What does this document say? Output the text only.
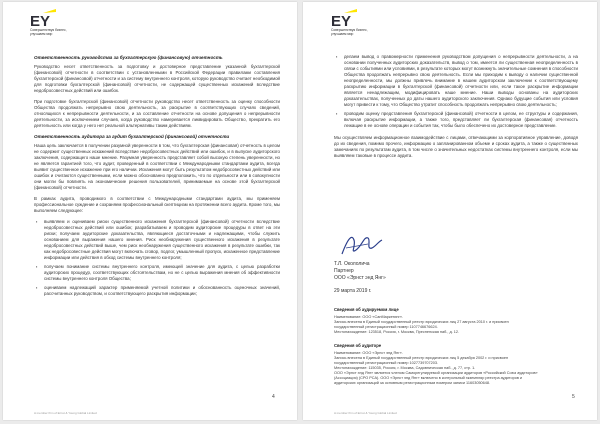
EY
Совершенствуя бизнес, улучшаем мир
Ответственность руководства за бухгалтерскую (финансовую) отчетность
Руководство несет ответственность за подготовку и достоверное представление указанной бухгалтерской (финансовой) отчетности в соответствии с установленными в Российской Федерации правилами составления бухгалтерской (финансовой) отчетности и за систему внутреннего контроля, которую руководство считает необходимой для подготовки бухгалтерской (финансовой) отчетности, не содержащей существенных искажений вследствие недобросовестных действий или ошибок.
При подготовке бухгалтерской (финансовой) отчетности руководство несет ответственность за оценку способности Общества продолжать непрерывно свою деятельность, за раскрытие в соответствующих случаях сведений, относящихся к непрерывности деятельности, и за составление отчетности на основе допущения о непрерывности деятельности, за исключением случаев, когда руководство намеревается ликвидировать Общество, прекратить его деятельность или когда у него нет реальной альтернативы таким действиям.
Ответственность аудитора за аудит бухгалтерской (финансовой) отчетности
Наша цель заключается в получении разумной уверенности в том, что бухгалтерская (финансовая) отчетность в целом не содержит существенных искажений вследствие недобросовестных действий или ошибок, и в выпуске аудиторского заключения, содержащего наше мнение. Разумная уверенность представляет собой высокую степень уверенности, но не является гарантией того, что аудит, проведенный в соответствии с Международными стандартами аудита, всегда выявит существенное искажение при его наличии. Искажения могут быть результатом недобросовестных действий или ошибок и считаются существенными, если можно обоснованно предположить, что по отдельности или в совокупности они могли бы повлиять на экономические решения пользователей, принимаемые на основе этой бухгалтерской (финансовой) отчетности.
В рамках аудита, проводимого в соответствии с Международными стандартами аудита, мы применяем профессиональное суждение и сохраняем профессиональный скептицизм на протяжении всего аудита. Кроме того, мы выполняем следующее:
▪ выявляем и оцениваем риски существенного искажения бухгалтерской (финансовой) отчетности вследствие недобросовестных действий или ошибок; разрабатываем и проводим аудиторские процедуры в ответ на эти риски; получаем аудиторские доказательства, являющиеся достаточными и надлежащими, чтобы служить основанием для выражения нашего мнения. Риск необнаружения существенного искажения в результате недобросовестных действий выше, чем риск необнаружения существенного искажения в результате ошибки, так как недобросовестные действия могут включать сговор, подлог, умышленный пропуск, искаженное представление информации или действия в обход системы внутреннего контроля;
▪ получаем понимание системы внутреннего контроля, имеющей значение для аудита, с целью разработки аудиторских процедур, соответствующих обстоятельствам, но не с целью выражения мнения об эффективности системы внутреннего контроля Общества;
▪ оцениваем надлежащий характер применяемой учетной политики и обоснованность оценочных значений, рассчитанных руководством, и соответствующего раскрытия информации;
4
A member firm of Ernst & Young Global Limited
EY
Совершенствуя бизнес, улучшаем мир
▪ делаем вывод о правомерности применения руководством допущения о непрерывности деятельности, а на основании полученных аудиторских доказательств, вывод о том, имеется ли существенная неопределенность в связи с событиями или условиями, в результате которых могут возникнуть значительные сомнения в способности Общества продолжать непрерывно свою деятельность. Если мы приходим к выводу о наличии существенной неопределенности, мы должны привлечь внимание в нашем аудиторском заключении к соответствующему раскрытию информации в бухгалтерской (финансовой) отчетности или, если такое раскрытие информации является ненадлежащим, модифицировать наше мнение. Наши выводы основаны на аудиторских доказательствах, полученных до даты нашего аудиторского заключения. Однако будущие события или условия могут привести к тому, что Общество утратит способность продолжать непрерывно свою деятельность;
▪ проводим оценку представления бухгалтерской (финансовой) отчетности в целом, ее структуры и содержания, включая раскрытие информации, а также того, представляет ли бухгалтерская (финансовая) отчетность лежащие в ее основе операции и события так, чтобы было обеспечено их достоверное представление.
Мы осуществляем информационное взаимодействие с лицами, отвечающими за корпоративное управление, доводя до их сведения, помимо прочего, информацию о запланированном объеме и сроках аудита, а также о существенных замечаниях по результатам аудита, в том числе о значительных недостатках системы внутреннего контроля, если мы выявляем таковые в процессе аудита.
Т.Л. Окололича
Партнер
ООО «Эрнст энд Янг»
29 марта 2019 г.
Сведения об аудируемом лице
Наименование: ООО «СанМаркетинг».
Запись внесена в Единый государственный реестр юридических лиц 27 августа 2010 г. и присвоен
государственный регистрационный номер 1107746676624.
Местонахождение: 123518, Россия, г. Москва, Пресненская наб., д. 12.
Сведения об аудиторе
Наименование: ООО «Эрнст энд Янг».
Запись внесена в Единый государственный реестр юридических лиц 5 декабря 2002 г. и присвоен
государственный регистрационный номер 1027739707203.
Местонахождение: 115035, Россия, г. Москва, Садовническая наб., д. 77, стр. 1.
ООО «Эрнст энд Янг» является членом Саморегулируемой организации аудиторов «Российский Союз аудиторов»
(Ассоциация) (СРО РСА). ООО «Эрнст энд Янг» включено в контрольный экземпляр реестра аудиторов и
аудиторских организаций за основным регистрационным номером записи 11603050648.
5
A member firm of Ernst & Young Global Limited
